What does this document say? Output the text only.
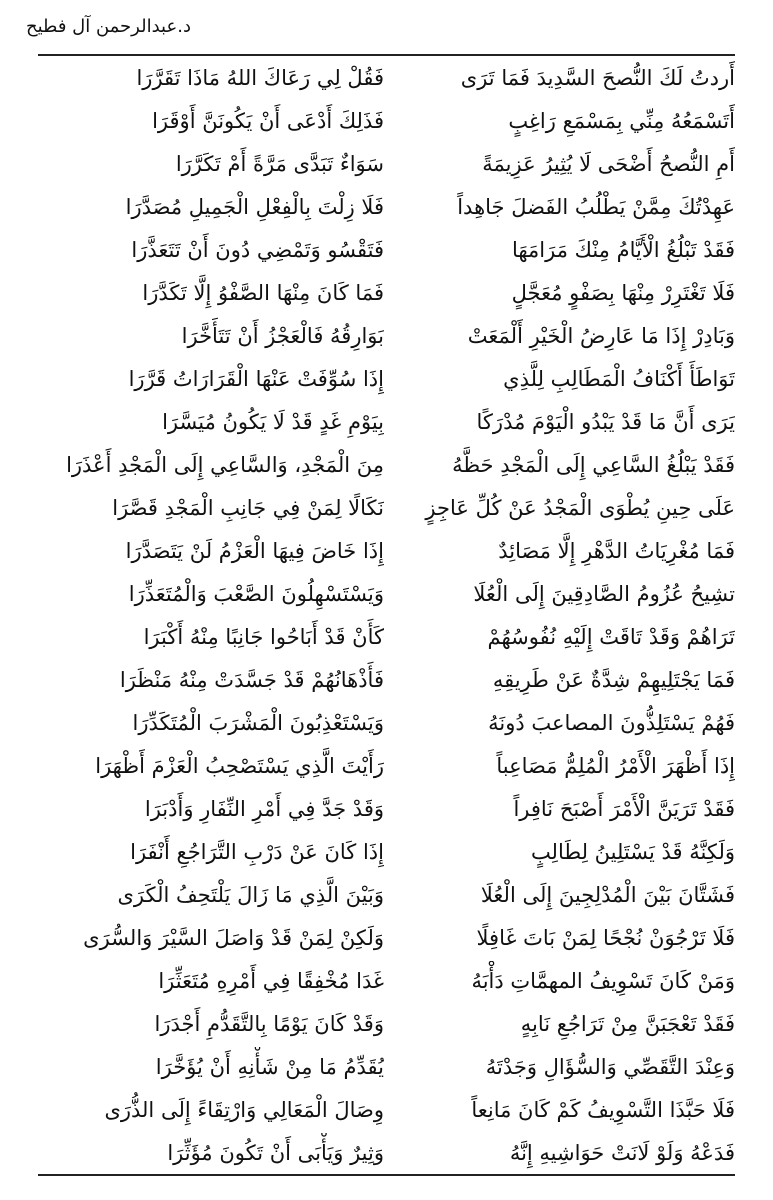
د.عبدالرحمن آل فطيح
أَردتُ لَكَ النُّصحَ السَّدِيدَ فَمَا تَرَى
فَقُلْ لِي رَعَاكَ اللهُ مَاذَا تَقَرَّرَا
أَتَسْمَعُهُ مِنِّي بِمَسْمَعِ رَاغِبٍ
فَذَلِكَ أَدْعَى أَنْ يَكُونَنَّ أَوْقَرَا
أَمِ النُّصحُ أَضْحَى لَا يُثِيرُ عَزِيمَةً
سَوَاءٌ تَبَدَّى مَرَّةً أَمْ تَكَرَّرَا
عَهِدْتُكَ مِمَّنْ يَطْلُبُ الفَضلَ جَاهِداً
فَلَا زِلْتَ بِالْفِعْلِ الْجَمِيلِ مُصَدَّرَا
فَقَدْ تَبْلُغُ الْأَيَّامُ مِنْكَ مَرَامَهَا
فَتَقْسُو وَتَمْضِي دُونَ أَنْ تَتَعَذَّرَا
فَلَا تَغْتَرِرْ مِنْهَا بِصَفْوٍ مُعَجَّلٍ
فَمَا كَانَ مِنْهَا الصَّفْوُ إِلَّا تَكَدَّرَا
وَبَادِرْ إِذَا مَا عَارِضُ الْخَيْرِ أَلْمَعَتْ
بَوَارِقُهُ فَالْعَجْزُ أَنْ تَتَأَخَّرَا
تَوَاطَأَ أَكْنَافُ الْمَطَالِبِ لِلَّذِي
إِذَا سُوِّفَتْ عَنْهَا الْقَرَارَاتُ قَرَّرَا
يَرَى أَنَّ مَا قَدْ يَبْدُو الْيَوْمَ مُدْرَكًا
بِيَوْمِ غَدٍ قَدْ لَا يَكُونُ مُيَسَّرَا
فَقَدْ يَبْلُغُ السَّاعِي إِلَى الْمَجْدِ حَظَّهُ
مِنَ الْمَجْدِ، وَالسَّاعِي إِلَى الْمَجْدِ أَعْذَرَا
عَلَى حِينِ يُطْوَى الْمَجْدُ عَنْ كُلِّ عَاجِزٍ
نَكَالًا لِمَنْ فِي جَانِبِ الْمَجْدِ قَصَّرَا
فَمَا مُغْرِيَاتُ الدَّهْرِ إِلَّا مَصَائِدٌ
إِذَا خَاضَ فِيهَا الْعَزْمُ لَنْ يَتَصَدَّرَا
تشِيحُ عُزُومُ الصَّادِقِينَ إِلَى الْعُلَا
وَيَسْتَسْهِلُونَ الصَّعْبَ وَالْمُتَعَذِّرَا
تَرَاهُمْ وَقَدْ تَاقَتْ إِلَيْهِ نُفُوسُهُمْ
كَأَنْ قَدْ أَبَاحُوا جَانِبًا مِنْهُ أَكْبَرَا
فَمَا يَجْتَلِيهِمْ شِدَّةٌ عَنْ طَرِيقِهِ
فَأَذْهَانُهُمْ قَدْ جَسَّدَتْ مِنْهُ مَنْظَرَا
فَهُمْ يَسْتَلِذُّونَ المصاعبَ دُونَهُ
وَيَسْتَعْذِبُونَ الْمَشْرَبَ الْمُتَكَدِّرَا
إِذَا أَظْهَرَ الْأَمْرُ الْمُلِمُّ مَصَاعِباً
رَأَيْتَ الَّذِي يَسْتَصْحِبُ الْعَزْمَ أَظْهَرَا
فَقَدْ تَرَيَنَّ الْأَمْرَ أَصْبَحَ نَافِراً
وَقَدْ جَدَّ فِي أَمْرِ النِّفَارِ وَأَدْبَرَا
وَلَكِنَّهُ قَدْ يَسْتَلِينُ لِطَالِبٍ
إِذَا كَانَ عَنْ دَرْبِ التَّرَاجُعِ أَنْفَرَا
فَشَتَّانَ بَيْنَ الْمُدْلِجِينَ إِلَى الْعُلَا
وَبَيْنَ الَّذِي مَا زَالَ يَلْتَحِفُ الْكَرَى
فَلَا تَرْجُوَنْ نُجْحًا لِمَنْ بَاتَ غَافِلًا
وَلَكِنْ لِمَنْ قَدْ وَاصَلَ السَّيْرَ وَالسُّرَى
وَمَنْ كَانَ تَسْوِيفُ المهمَّاتِ دَأْبَهُ
غَدَا مُخْفِقًا فِي أَمْرِهِ مُتَعَثِّرَا
فَقَدْ تَعْجَبَنَّ مِنْ تَرَاجُعِ نَابِهٍ
وَقَدْ كَانَ يَوْمًا بِالتَّقَدُّمِ أَجْدَرَا
وَعِنْدَ التَّقَصِّي وَالسُّؤَالِ وَجَدْتَهُ
يُقَدِّمُ مَا مِنْ شَأْنِهِ أَنْ يُؤَخَّرَا
فَلَا حَبَّذَا التَّسْوِيفُ كَمْ كَانَ مَانِعاً
وِصَالَ الْمَعَالِي وَارْتِقَاءً إِلَى الذُّرَى
فَدَعْهُ وَلَوْ لَانَتْ حَوَاشِيهِ إِنَّهُ
وَثِيرٌ وَيَأْبَى أَنْ تَكُونَ مُؤَثِّرَا
